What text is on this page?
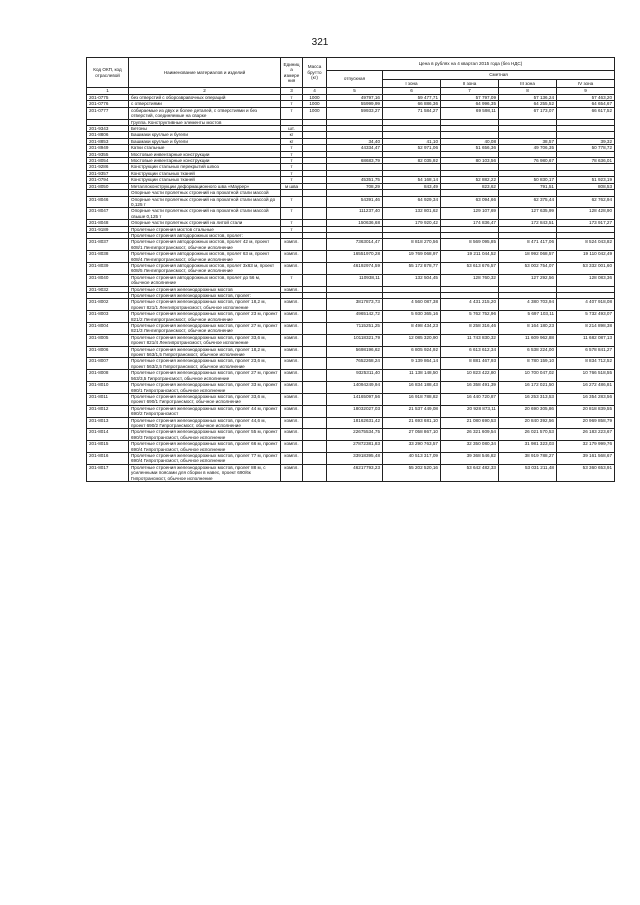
321
Код ОКП, код отраслевой	Наименование материалов и изделий	Единица измерения	Масса брутто (кг)	Цена в рублях на 4 квартал 2015 года (без НДС)				
				отпускная	Сметная			
					I зона	II зона	III зона	IV зона
1	2	3	4	5	6	7	8	9
201-0775	без отверстий с оборозвравочных операций	т	1000	49797,16	59 477,71	57 797,09	57 136,24	57 463,20
201-0776	с отверстиями	т	1000	55999,99	66 886,36	64 996,35	64 255,52	64 654,67
201-0777	собираемые из двух и более деталей, с отверстиями и без отверстий, соединяемые на сварке	т	1000	59933,27	71 584,27	69 598,11	67 173,07	66 617,52
	Группа. Конструктивные элементы мостов							
201-9343	Бетоны	шт.						
201-8806	Башмаки круглые и бугели	кг						
201-8853	Башмаки круглые и бугели	кг		34,40	41,10	40,08	38,57	39,32
201-8949	Катки стальные	т		44334,47	52 971,06	51 656,36	49 706,35	50 778,72
201-9355	Мостовые инвентарные конструкции	т						
201-8054	Мостовые инвентарные конструкции	т		68683,79	82 035,92	80 103,56	76 980,67	78 636,01
201-9286	Конструкции стальных перекрытий шлюз	т						
201-9357	Конструкции стальных тканей	т						
201-0794	Конструкции стальных тканей	т		45351,75	54 168,14	52 882,22	50 830,17	51 923,19
201-8050	Металлоконструкции деформационного шва «Маурер»	м шва		708,29	843,49	823,62	791,51	808,53
	Опорные части пролетных строений на прокатной стали массой							
201-8046	Опорные части пролетных строений на прокатной стали массой до 0,125 т	т		54391,46	64 929,34	63 094,66	62 375,44	62 762,94
201-8047	Опорные части пролетных строений на прокатной стали массой свыше 0,125 т	т		111237,40	132 801,62	129 107,69	127 635,99	128 428,90
201-8048	Опорные части пролетных строений на литой стали	т		150636,68	179 920,42	174 836,47	172 843,51	173 917,27
201-9189	Пролетные строения мостов стальные	т						
	Пролетные строения автодорожных мостов, пролет:							
201-8037	Пролетные строения автодорожных мостов, пролет 42 м, проект 608/1 Ленгипротрансмост, обычное исполнение	компл.		7363014,47	8 818 270,56	8 569 095,85	8 471 417,06	8 524 043,82
201-8038	Пролетные строения автодорожных мостов, пролет 63 м, проект 608/4 Ленгипротрансмост, обычное исполнение	компл.		16551970,28	19 769 068,97	19 211 044,52	18 992 068,57	19 110 042,49
201-8039	Пролетные строения автодорожных мостов, пролет 3х63 м, проект 608/5 Ленгипротрансмост, обычное исполнение	компл.		46192974,59	55 172 878,77	53 613 676,57	53 002 754,07	53 332 001,60
201-8040	Пролетные строения автодорожных мостов, пролет до 56 м, обычное исполнение	т		110938,11	132 504,45	128 760,32	127 292,56	128 083,36
201-9032	Пролетные строения железнодорожных мостов	компл.						
	Пролетные строения железнодорожных мостов, пролет:							
201-8002	Пролетные строения железнодорожных мостов, пролет 18,2 м, проект 821/1 Ленгипротрансмост, обычное исполнение	компл.		3817873,73	4 560 087,38	4 431 215,20	4 380 703,94	4 407 918,08
201-8003	Пролетные строения железнодорожных мостов, пролет 23 м, проект 821/2 Ленгипротрансмост, обычное исполнение	компл.		4965142,72	5 930 365,16	5 762 752,96	5 697 103,11	5 732 493,07
201-8004	Пролетные строения железнодорожных мостов, пролет 27 м, проект 821/3 Ленгипротрансмост, обычное исполнение	компл.		7115251,25	8 498 434,23	8 258 316,46	8 164 180,23	8 214 898,38
201-8005	Пролетные строения железнодорожных мостов, пролет 33,6 м, проект 821/4 Ленгипротрансмост, обычное исполнение	компл.		10118321,79	12 085 320,90	11 743 830,32	11 609 962,88	11 682 087,13
201-8006	Пролетные строения железнодорожных мостов, пролет 18,2 м, проект 563/1,5 Гипротрансмост, обычное исполнение	компл.		5698196,62	6 805 924,92	6 613 612,34	6 538 224,00	6 578 841,27
201-8007	Пролетные строения железнодорожных мостов, пролет 23,6 м, проект 563/2,5 Гипротрансмост, обычное исполнение	компл.		7652268,24	9 139 864,14	8 881 467,93	8 780 159,10	8 834 712,52
201-8008	Пролетные строения железнодорожных мостов, пролет 27 м, проект 563/3,5 Гипротрансмост, обычное исполнение	компл.		9325311,40	11 138 148,50	10 823 422,80	10 700 047,02	10 766 518,55
201-8010	Пролетные строения железнодорожных мостов, пролет 33 м, проект 690/1 Гипротрансмост, обычное исполнение	компл.		14094249,94	16 834 188,43	16 358 491,39	16 172 021,50	16 272 486,81
201-8011	Пролетные строения железнодорожных мостов, пролет 33,6 м, проект 690/1 Гипротрансмост, обычное исполнение	компл.		14165097,56	16 918 788,82	16 440 720,87	16 253 313,53	16 354 283,56
201-8012	Пролетные строения железнодорожных мостов, пролет 44 м, проект 690/2 Гипротрансмост	компл.		18032027,03	21 537 449,08	20 928 873,11	20 690 305,86	20 818 839,55
201-8013	Пролетные строения железнодорожных мостов, пролет 44,6 м, проект 690/2 Гипротрансмост, обычное исполнение	компл.		18162631,42	21 693 681,10	21 080 690,53	20 840 392,56	20 969 858,79
201-8014	Пролетные строения железнодорожных мостов, пролет 55 м, проект 690/3 Гипротрансмост, обычное исполнение	компл.		22675534,75	27 058 867,10	26 321 609,54	26 021 570,53	26 183 223,67
201-8015	Пролетные строения железнодорожных мостов, пролет 66 м, проект 690/4 Гипротрансмост, обычное исполнение	компл.		27872381,83	33 290 763,57	32 350 080,34	31 981 323,03	32 179 999,76
201-8016	Пролетные строения железнодорожных мостов, пролет 77 м, проект 690/4 Гипротрансмост, обычное исполнение	компл.		33918395,48	40 513 317,09	39 368 546,82	38 919 788,27	39 161 568,67
201-8017	Пролетные строения железнодорожных мостов, пролет 88 м, с усиленными поясами для сборки в навес, проект 690/6к Гипротрансмост, обычное исполнение	компл.		46217793,23	55 202 520,16	53 642 482,33	53 031 211,48	53 360 653,91
